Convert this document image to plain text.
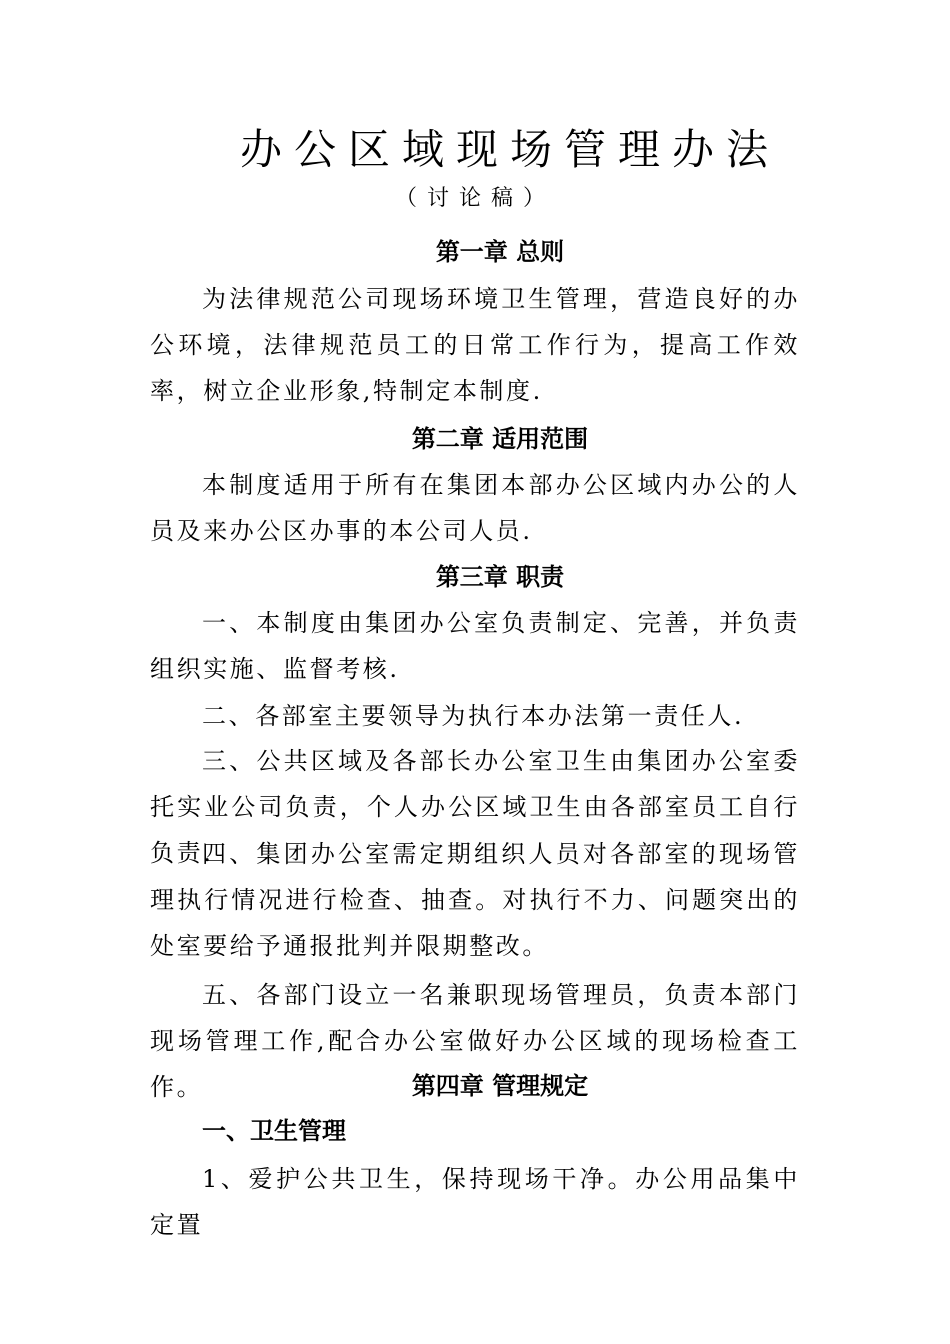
办公区域现场管理办法
（讨论稿）
第一章 总则

为法律规范公司现场环境卫生管理，营造良好的办公环境，法律规范员工的日常工作行为，提高工作效率，树立企业形象,特制定本制度.

第二章 适用范围

本制度适用于所有在集团本部办公区域内办公的人员及来办公区办事的本公司人员.

第三章 职责

一、本制度由集团办公室负责制定、完善，并负责组织实施、监督考核.

二、各部室主要领导为执行本办法第一责任人.

三、公共区域及各部长办公室卫生由集团办公室委托实业公司负责，个人办公区域卫生由各部室员工自行负责.

四、集团办公室需定期组织人员对各部室的现场管理执行情况进行检查、抽查。对执行不力、问题突出的处室要给予通报批判并限期整改。

五、各部门设立一名兼职现场管理员，负责本部门现场管理工作,配合办公室做好办公区域的现场检查工作。	第四章 管理规定
一、卫生管理

1、爱护公共卫生，保持现场干净。办公用品集中定置
